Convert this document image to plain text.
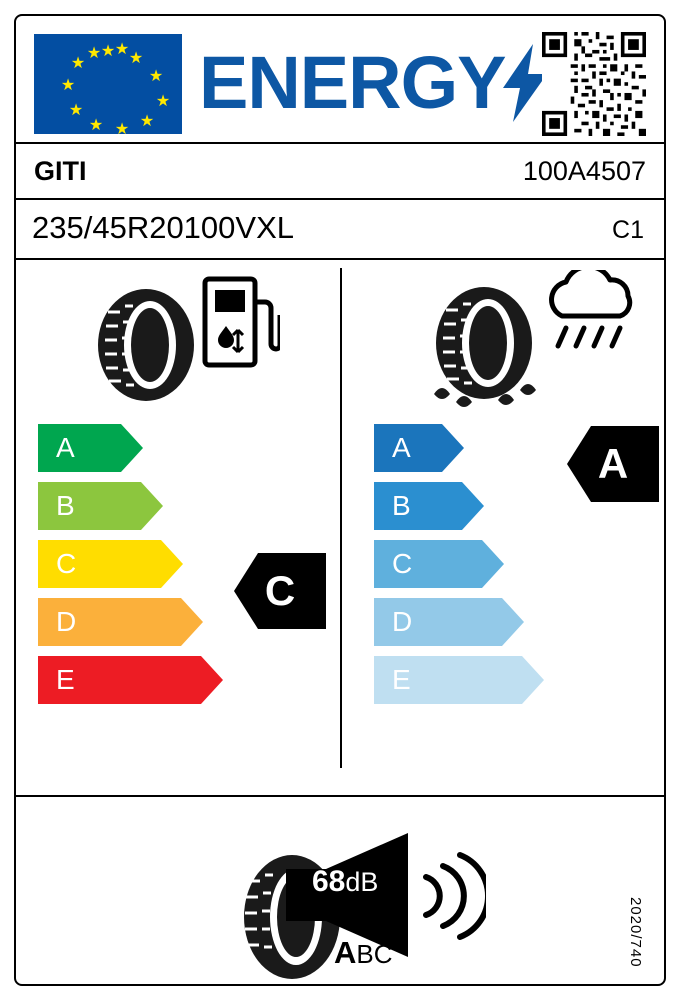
★ ★
★
★
★
★
★
★
★
★
★ ★ ENERGY
GITI	100A4507
235/45R20100VXL	C1
A
B
C
D
E
C
A
B
C
D
E
A
68dB
ABC	2020/740
